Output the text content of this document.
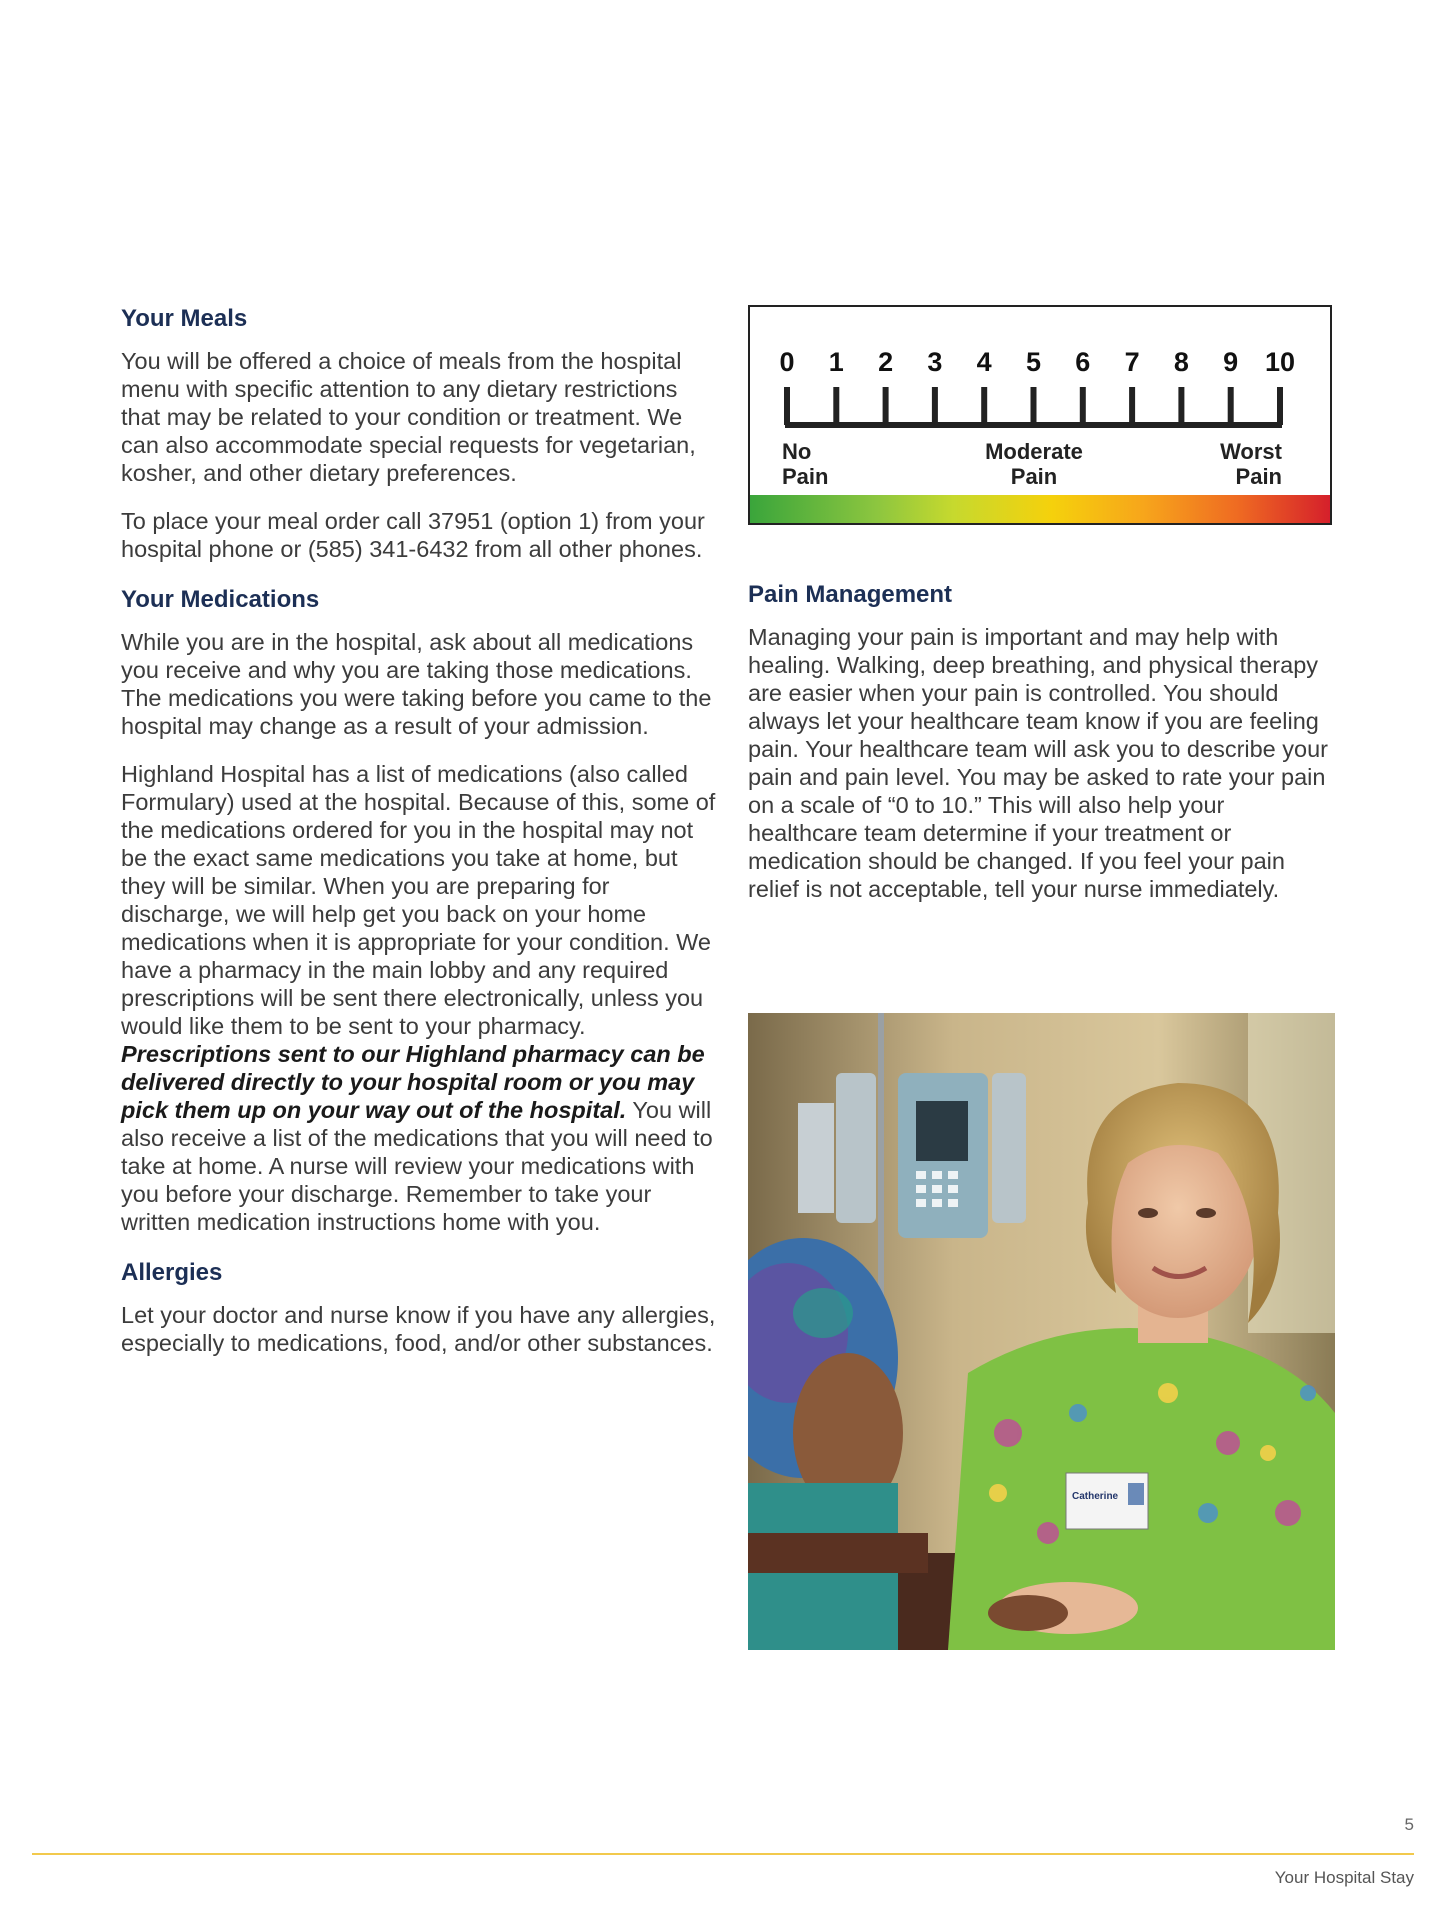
Your Meals

You will be offered a choice of meals from the hospital menu with specific attention to any dietary restrictions that may be related to your condition or treatment. We can also accommodate special requests for vegetarian, kosher, and other dietary preferences.

To place your meal order call 37951 (option 1) from your hospital phone or (585) 341-6432 from all other phones.

Your Medications

While you are in the hospital, ask about all medications you receive and why you are taking those medications. The medications you were taking before you came to the hospital may change as a result of your admission.

Highland Hospital has a list of medications (also called Formulary) used at the hospital. Because of this, some of the medications ordered for you in the hospital may not be the exact same medications you take at home, but they will be similar. When you are preparing for discharge, we will help get you back on your home medications when it is appropriate for your condition. We have a pharmacy in the main lobby and any required prescriptions will be sent there electronically, unless you would like them to be sent to your pharmacy. Prescriptions sent to our Highland pharmacy can be delivered directly to your hospital room or you may pick them up on your way out of the hospital. You will also receive a list of the medications that you will need to take at home. A nurse will review your medications with you before your discharge. Remember to take your written medication instructions home with you.

Allergies

Let your doctor and nurse know if you have any allergies, especially to medications, food, and/or other substances.

0 1 2 3 4 5 6 7 8 9 10
No
Pain
Moderate
Pain
Worst
Pain
Pain Management

Managing your pain is important and may help with healing. Walking, deep breathing, and physical therapy are easier when your pain is controlled. You should always let your healthcare team know if you are feeling pain. Your healthcare team will ask you to describe your pain and pain level. You may be asked to rate your pain on a scale of “0 to 10.” This will also help your healthcare team determine if your treatment or medication should be changed. If you feel your pain relief is not acceptable, tell your nurse immediately.

Catherine
5
Your Hospital Stay
